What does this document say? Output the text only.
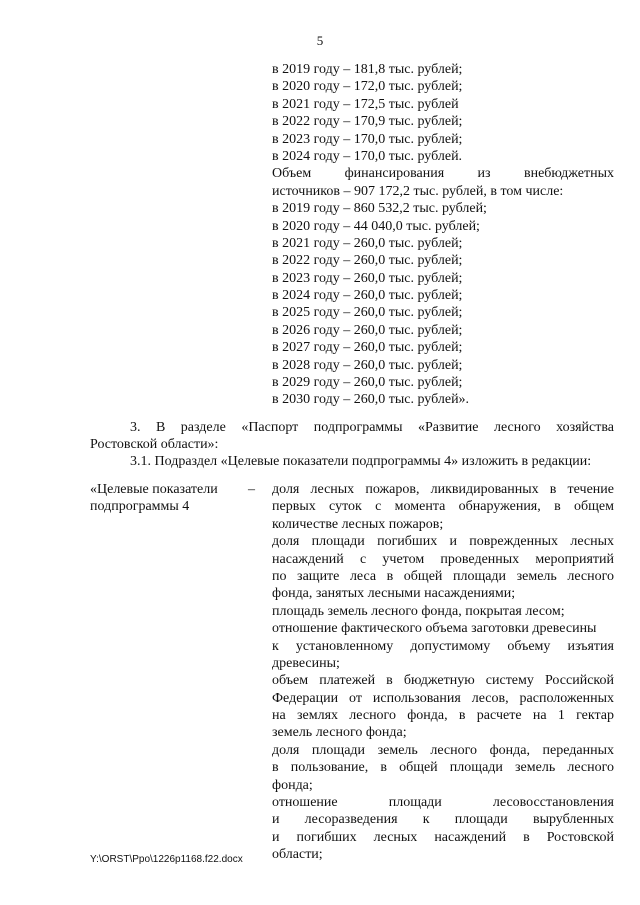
5
в 2019 году – 181,8 тыс. рублей;
в 2020 году – 172,0 тыс. рублей;
в 2021 году – 172,5 тыс. рублей
в 2022 году – 170,9 тыс. рублей;
в 2023 году – 170,0 тыс. рублей;
в 2024 году – 170,0 тыс. рублей.
Объем финансирования из внебюджетных
источников – 907 172,2 тыс. рублей, в том числе:
в 2019 году – 860 532,2 тыс. рублей;
в 2020 году – 44 040,0 тыс. рублей;
в 2021 году – 260,0 тыс. рублей;
в 2022 году – 260,0 тыс. рублей;
в 2023 году – 260,0 тыс. рублей;
в 2024 году – 260,0 тыс. рублей;
в 2025 году – 260,0 тыс. рублей;
в 2026 году – 260,0 тыс. рублей;
в 2027 году – 260,0 тыс. рублей;
в 2028 году – 260,0 тыс. рублей;
в 2029 году – 260,0 тыс. рублей;
в 2030 году – 260,0 тыс. рублей».
3. В разделе «Паспорт подпрограммы «Развитие лесного хозяйства
Ростовской области»:
3.1. Подраздел «Целевые показатели подпрограммы 4» изложить в редакции:
«Целевые показатели
подпрограммы 4
– доля лесных пожаров, ликвидированных в течение
первых суток с момента обнаружения, в общем
количестве лесных пожаров;
доля площади погибших и поврежденных лесных
насаждений с учетом проведенных мероприятий
по защите леса в общей площади земель лесного
фонда, занятых лесными насаждениями;
площадь земель лесного фонда, покрытая лесом;
отношение фактического объема заготовки древесины
к установленному допустимому объему изъятия
древесины;
объем платежей в бюджетную систему Российской
Федерации от использования лесов, расположенных
на землях лесного фонда, в расчете на 1 гектар
земель лесного фонда;
доля площади земель лесного фонда, переданных
в пользование, в общей площади земель лесного
фонда;
отношение площади лесовосстановления
и лесоразведения к площади вырубленных
и погибших лесных насаждений в Ростовской
области;
Y:\ORST\Ppo\1226p1168.f22.docx
